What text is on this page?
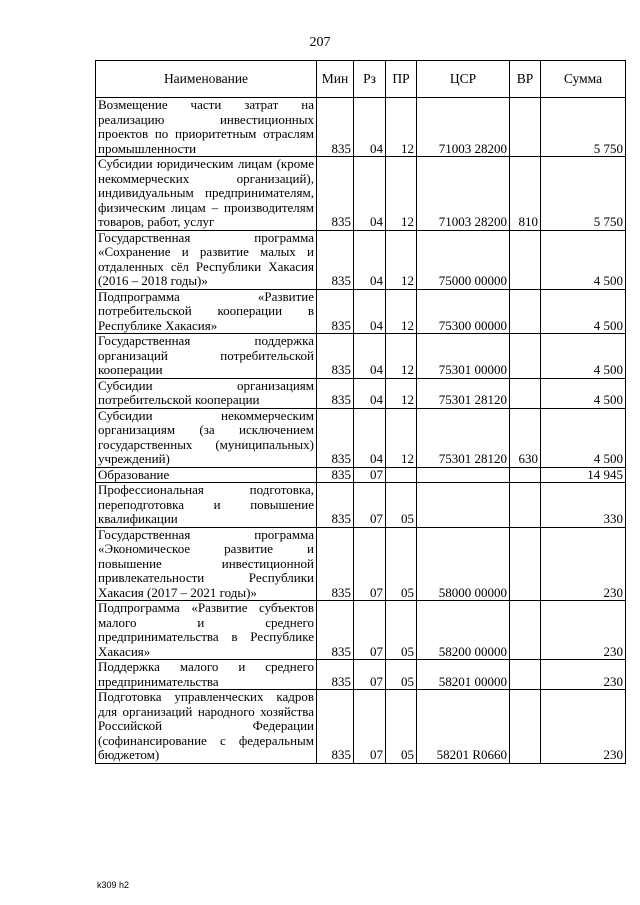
207
Наименование	Мин	Рз	ПР	ЦСР	ВР	Сумма
Возмещение части затрат на реализацию инвестиционных проектов по приоритетным отраслям промышленности	835	04	12	71003 28200		5 750
Субсидии юридическим лицам (кроме некоммерческих организаций), индивидуальным предпринимателям, физическим лицам – производителям товаров, работ, услуг	835	04	12	71003 28200	810	5 750
Государственная программа «Сохранение и развитие малых и отдаленных сёл Республики Хакасия (2016 – 2018 годы)»	835	04	12	75000 00000		4 500
Подпрограмма «Развитие потребительской кооперации в Республике Хакасия»	835	04	12	75300 00000		4 500
Государственная поддержка организаций потребительской кооперации	835	04	12	75301 00000		4 500
Субсидии организациям потребительской кооперации	835	04	12	75301 28120		4 500
Субсидии некоммерческим организациям (за исключением государственных (муниципальных) учреждений)	835	04	12	75301 28120	630	4 500
Образование	835	07				14 945
Профессиональная подготовка, переподготовка и повышение квалификации	835	07	05			330
Государственная программа «Экономическое развитие и повышение инвестиционной привлекательности Республики Хакасия (2017 – 2021 годы)»	835	07	05	58000 00000		230
Подпрограмма «Развитие субъектов малого и среднего предпринимательства в Республике Хакасия»	835	07	05	58200 00000		230
Поддержка малого и среднего предпринимательства	835	07	05	58201 00000		230
Подготовка управленческих кадров для организаций народного хозяйства Российской Федерации (софинансирование с федеральным бюджетом)	835	07	05	58201 R0660		230
k309 h2
